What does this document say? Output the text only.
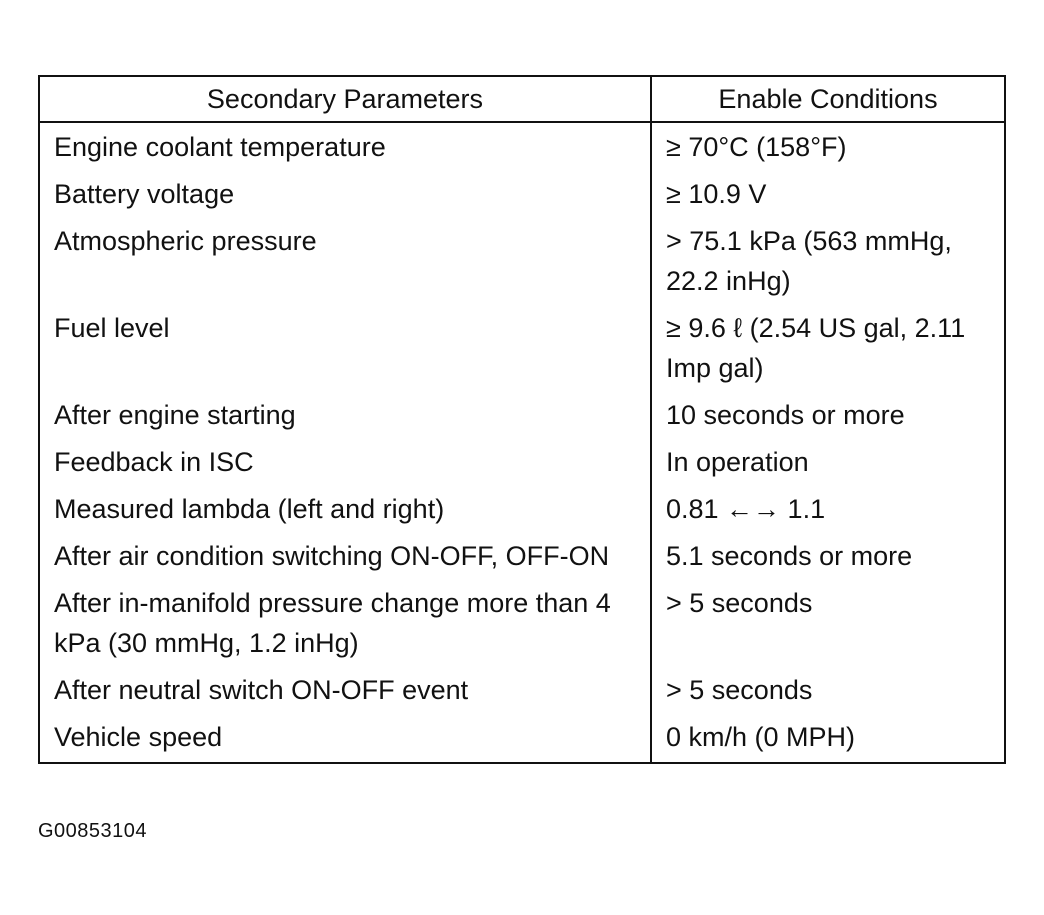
Secondary Parameters	Enable Conditions
Engine coolant temperature	≥ 70°C (158°F)
Battery voltage	≥ 10.9 V
Atmospheric pressure	> 75.1 kPa (563 mmHg, 22.2 inHg)
Fuel level	≥ 9.6 ℓ (2.54 US gal, 2.11 Imp gal)
After engine starting	10 seconds or more
Feedback in ISC	In operation
Measured lambda (left and right)	0.81 ←→ 1.1
After air condition switching ON-OFF, OFF-ON	5.1 seconds or more
After in-manifold pressure change more than 4 kPa (30 mmHg, 1.2 inHg)	> 5 seconds
After neutral switch ON-OFF event	> 5 seconds
Vehicle speed	0 km/h (0 MPH)
G00853104
